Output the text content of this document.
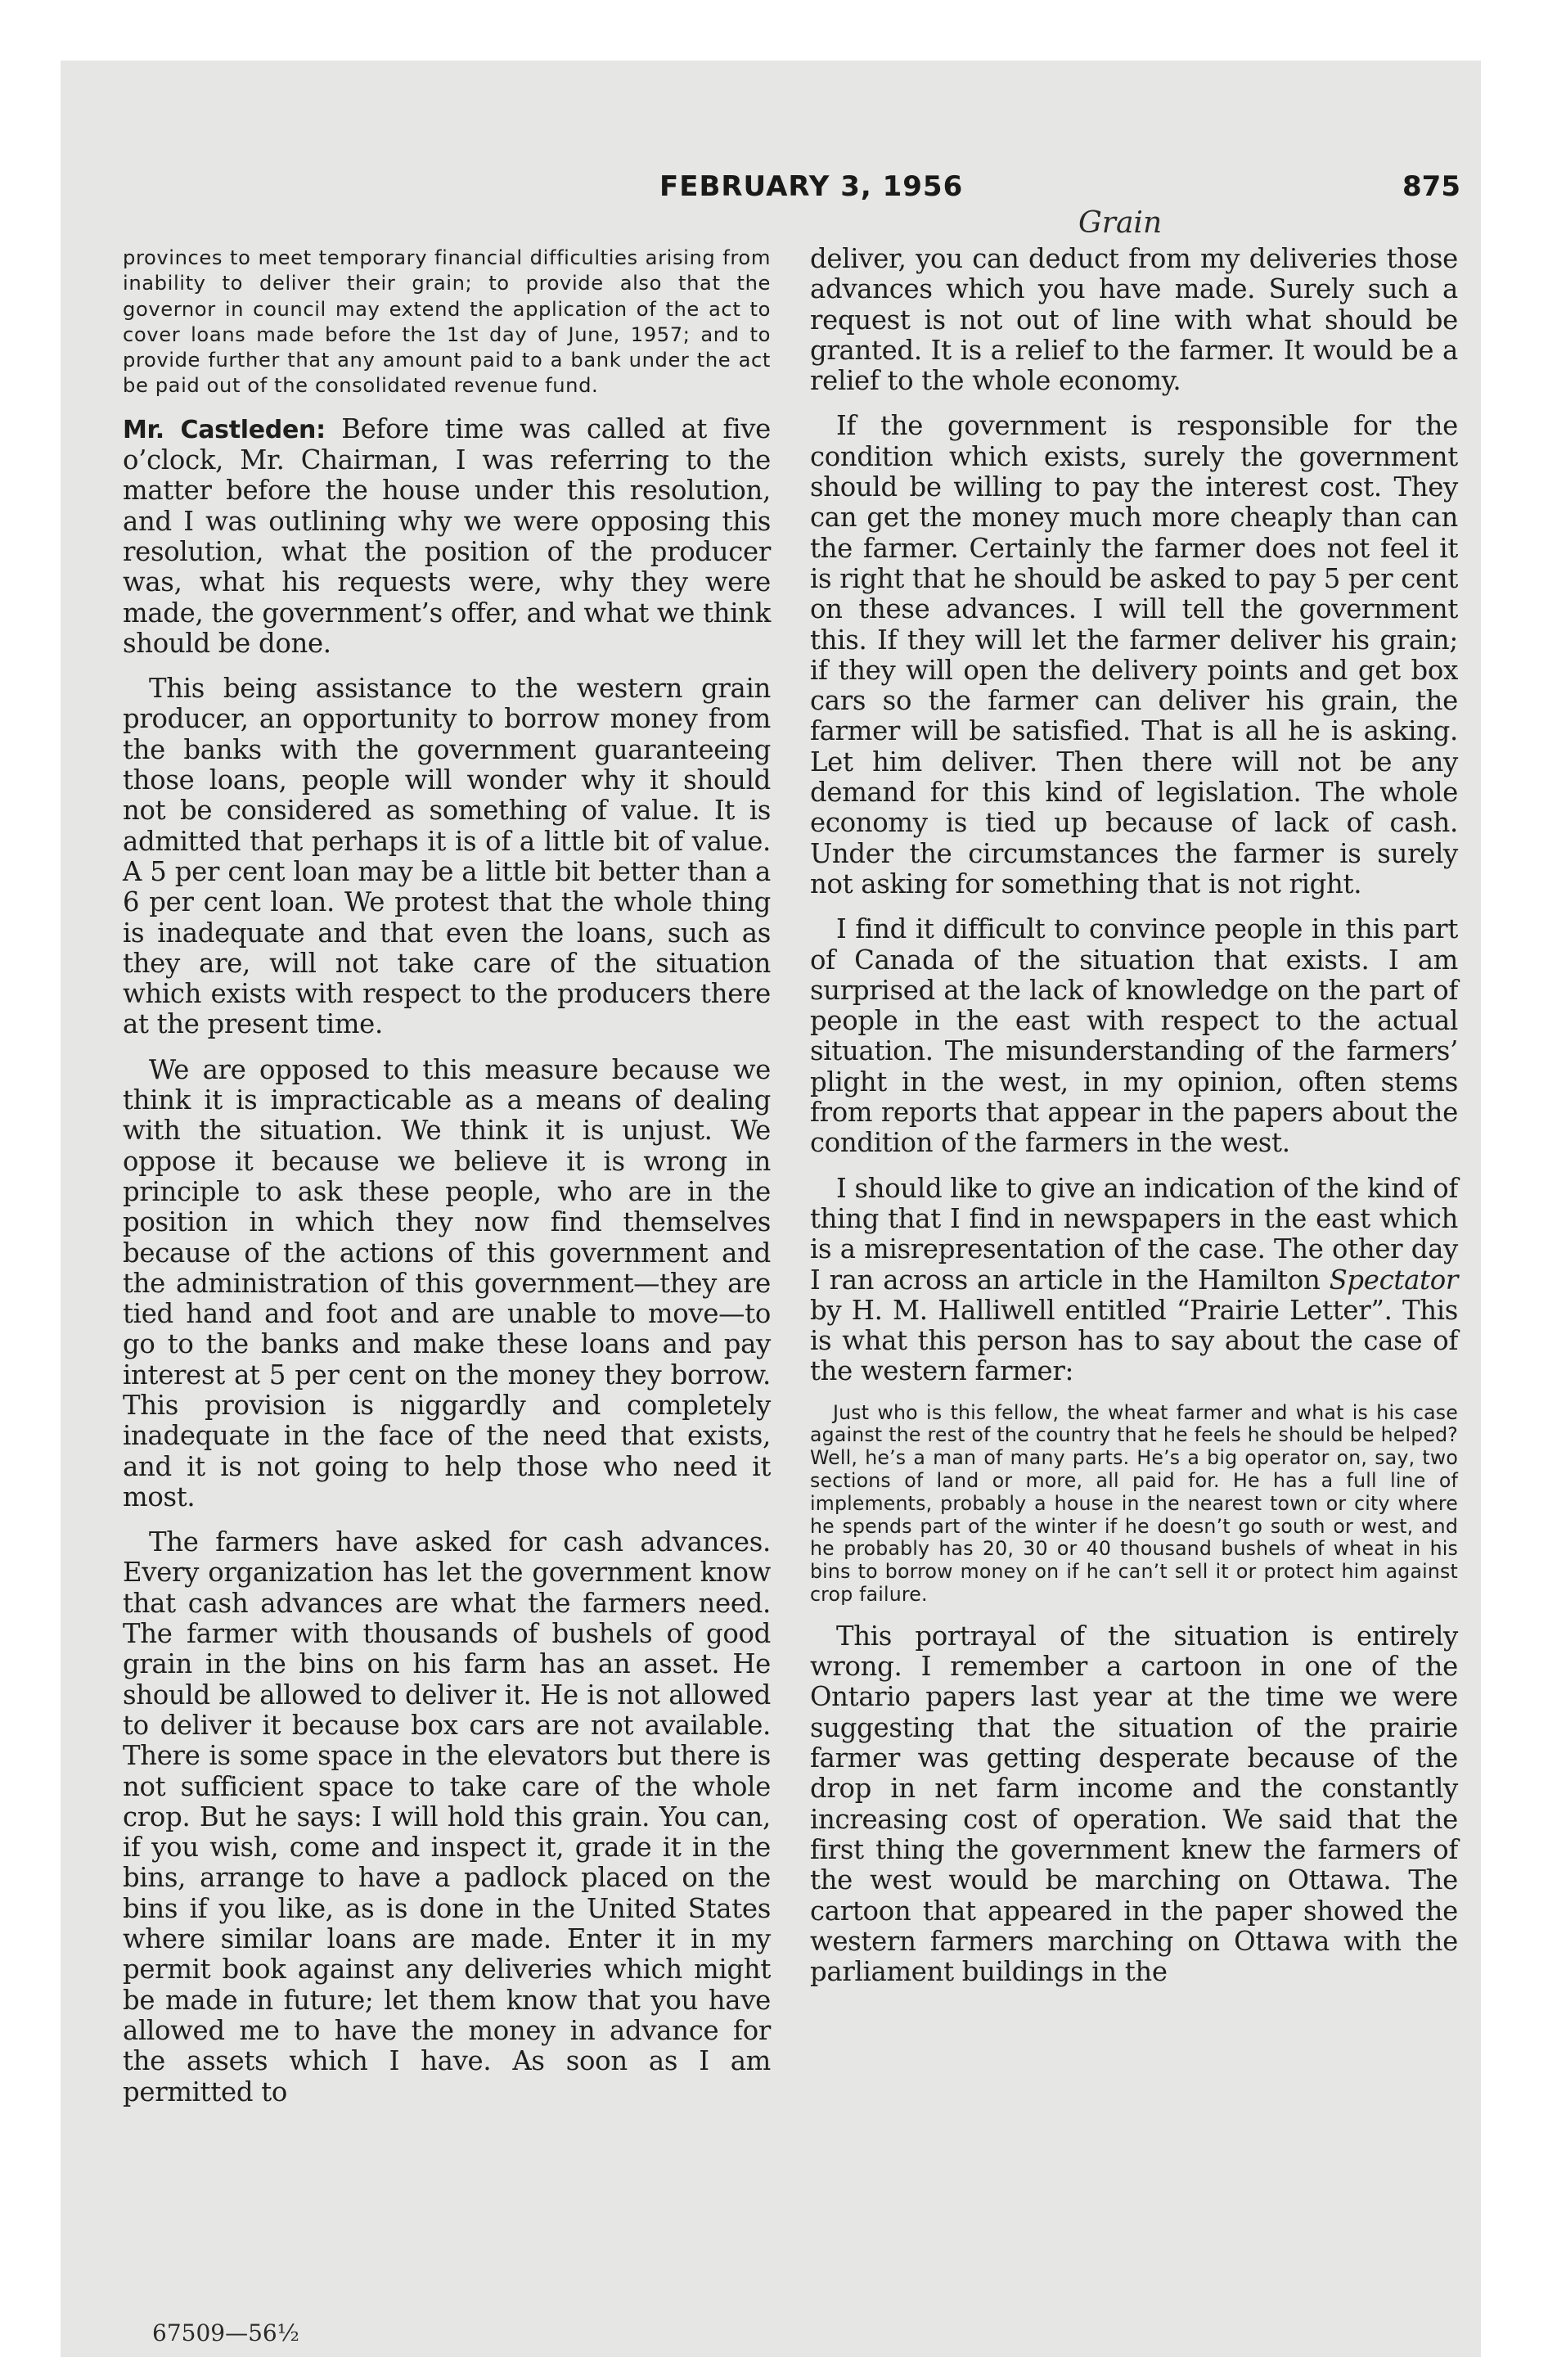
FEBRUARY 3, 1956	875
Grain

provinces to meet temporary financial difficulties arising from inability to deliver their grain; to provide also that the governor in council may extend the application of the act to cover loans made before the 1st day of June, 1957; and to provide further that any amount paid to a bank under the act be paid out of the consolidated revenue fund.

Mr. Castleden: Before time was called at five o’clock, Mr. Chairman, I was referring to the matter before the house under this resolution, and I was outlining why we were opposing this resolution, what the position of the producer was, what his requests were, why they were made, the government’s offer, and what we think should be done.

This being assistance to the western grain producer, an opportunity to borrow money from the banks with the government guaranteeing those loans, people will wonder why it should not be considered as something of value. It is admitted that perhaps it is of a little bit of value. A 5 per cent loan may be a little bit better than a 6 per cent loan. We protest that the whole thing is inadequate and that even the loans, such as they are, will not take care of the situation which exists with respect to the producers there at the present time.

We are opposed to this measure because we think it is impracticable as a means of dealing with the situation. We think it is unjust. We oppose it because we believe it is wrong in principle to ask these people, who are in the position in which they now find themselves because of the actions of this government and the administration of this government—they are tied hand and foot and are unable to move—to go to the banks and make these loans and pay interest at 5 per cent on the money they borrow. This provision is niggardly and completely inadequate in the face of the need that exists, and it is not going to help those who need it most.

The farmers have asked for cash advances. Every organization has let the government know that cash advances are what the farmers need. The farmer with thousands of bushels of good grain in the bins on his farm has an asset. He should be allowed to deliver it. He is not allowed to deliver it because box cars are not available. There is some space in the elevators but there is not sufficient space to take care of the whole crop. But he says: I will hold this grain. You can, if you wish, come and inspect it, grade it in the bins, arrange to have a padlock placed on the bins if you like, as is done in the United States where similar loans are made. Enter it in my permit book against any deliveries which might be made in future; let them know that you have allowed me to have the money in advance for the assets which I have. As soon as I am permitted to

deliver, you can deduct from my deliveries those advances which you have made. Surely such a request is not out of line with what should be granted. It is a relief to the farmer. It would be a relief to the whole economy.

If the government is responsible for the condition which exists, surely the government should be willing to pay the interest cost. They can get the money much more cheaply than can the farmer. Certainly the farmer does not feel it is right that he should be asked to pay 5 per cent on these advances. I will tell the government this. If they will let the farmer deliver his grain; if they will open the delivery points and get box cars so the farmer can deliver his grain, the farmer will be satisfied. That is all he is asking. Let him deliver. Then there will not be any demand for this kind of legislation. The whole economy is tied up because of lack of cash. Under the circumstances the farmer is surely not asking for something that is not right.

I find it difficult to convince people in this part of Canada of the situation that exists. I am surprised at the lack of knowledge on the part of people in the east with respect to the actual situation. The misunderstanding of the farmers’ plight in the west, in my opinion, often stems from reports that appear in the papers about the condition of the farmers in the west.

I should like to give an indication of the kind of thing that I find in newspapers in the east which is a misrepresentation of the case. The other day I ran across an article in the Hamilton Spectator by H. M. Halliwell entitled “Prairie Letter”. This is what this person has to say about the case of the western farmer:

Just who is this fellow, the wheat farmer and what is his case against the rest of the country that he feels he should be helped? Well, he’s a man of many parts. He’s a big operator on, say, two sections of land or more, all paid for. He has a full line of implements, probably a house in the nearest town or city where he spends part of the winter if he doesn’t go south or west, and he probably has 20, 30 or 40 thousand bushels of wheat in his bins to borrow money on if he can’t sell it or protect him against crop failure.

This portrayal of the situation is entirely wrong. I remember a cartoon in one of the Ontario papers last year at the time we were suggesting that the situation of the prairie farmer was getting desperate because of the drop in net farm income and the constantly increasing cost of operation. We said that the first thing the government knew the farmers of the west would be marching on Ottawa. The cartoon that appeared in the paper showed the western farmers marching on Ottawa with the parliament buildings in the

67509—56½
